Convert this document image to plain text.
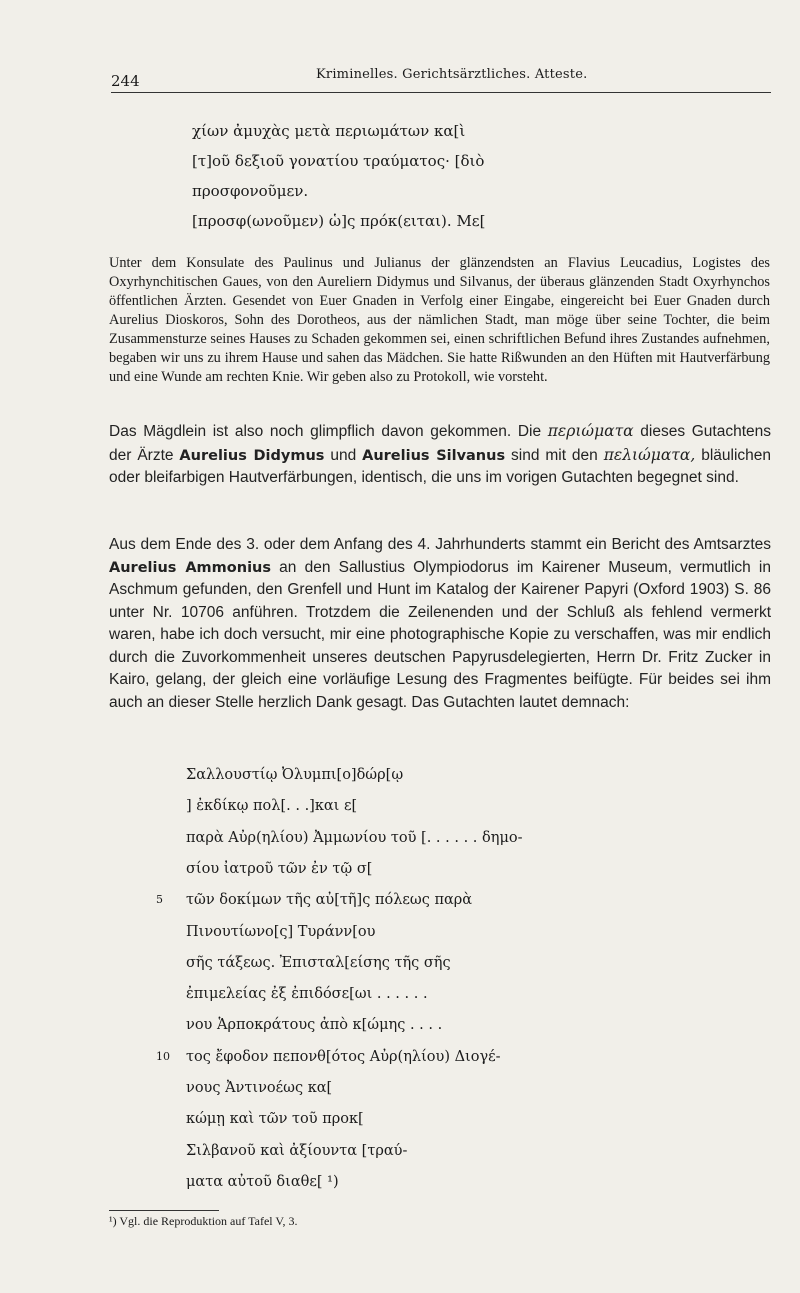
244	Kriminelles. Gerichtsärztliches. Atteste.
χίων ἀμυχὰς μετὰ περιωμάτων κα[ὶ
[τ]οῦ δεξιοῦ γονατίου τραύματος· [διὸ
προσφονοῦμεν.
[προσφ(ωνοῦμεν) ὡ]ς πρόκ(ειται). Με[
Unter dem Konsulate des Paulinus und Julianus der glänzendsten an Flavius Leucadius, Logistes des Oxyrhynchitischen Gaues, von den Aureliern Didymus und Silvanus, der überaus glänzenden Stadt Oxyrhynchos öffentlichen Ärzten. Gesendet von Euer Gnaden in Verfolg einer Eingabe, eingereicht bei Euer Gnaden durch Aurelius Dioskoros, Sohn des Dorotheos, aus der nämlichen Stadt, man möge über seine Tochter, die beim Zusammensturze seines Hauses zu Schaden gekommen sei, einen schriftlichen Befund ihres Zustandes aufnehmen, begaben wir uns zu ihrem Hause und sahen das Mädchen. Sie hatte Rißwunden an den Hüften mit Hautverfärbung und eine Wunde am rechten Knie. Wir geben also zu Protokoll, wie vorsteht.
Das Mägdlein ist also noch glimpflich davon gekommen. Die περιώματα dieses Gutachtens der Ärzte Aurelius Didymus und Aurelius Silvanus sind mit den πελιώματα, bläulichen oder bleifarbigen Hautverfärbungen, identisch, die uns im vorigen Gutachten begegnet sind.
Aus dem Ende des 3. oder dem Anfang des 4. Jahrhunderts stammt ein Bericht des Amtsarztes Aurelius Ammonius an den Sallustius Olympiodorus im Kairener Museum, vermutlich in Aschmum gefunden, den Grenfell und Hunt im Katalog der Kairener Papyri (Oxford 1903) S. 86 unter Nr. 10706 anführen. Trotzdem die Zeilenenden und der Schluß als fehlend vermerkt waren, habe ich doch versucht, mir eine photographische Kopie zu verschaffen, was mir endlich durch die Zuvorkommenheit unseres deutschen Papyrusdelegierten, Herrn Dr. Fritz Zucker in Kairo, gelang, der gleich eine vorläufige Lesung des Fragmentes beifügte. Für beides sei ihm auch an dieser Stelle herzlich Dank gesagt. Das Gutachten lautet demnach:
Σαλλουστίῳ Ὀλυμπι[ο]δώρ[ῳ
] ἐκδίκῳ πολ[. . .]και ε[
παρὰ Αὐρ(ηλίου) Ἀμμωνίου τοῦ [. . . . . . δημο-
σίου ἰατροῦ τῶν ἐν τῷ σ[
5 τῶν δοκίμων τῆς αὐ[τῆ]ς πόλεως παρὰ
Πινουτίωνο[ς] Τυράνν[ου
σῆς τάξεως. Ἐπισταλ[είσης τῆς σῆς
ἐπιμελείας ἐξ ἐπιδόσε[ωι . . . . . .
νου Ἁρποκράτους ἀπὸ κ[ώμης . . . .
10 τος ἔφοδον πεπονθ[ότος Αὐρ(ηλίου) Διογέ-
νους Ἀντινοέως κα[
κώμῃ καὶ τῶν τοῦ προκ[
Σιλβανοῦ καὶ ἀξίουντα [τραύ-
ματα αὐτοῦ διαθε[ ¹)
¹) Vgl. die Reproduktion auf Tafel V, 3.
